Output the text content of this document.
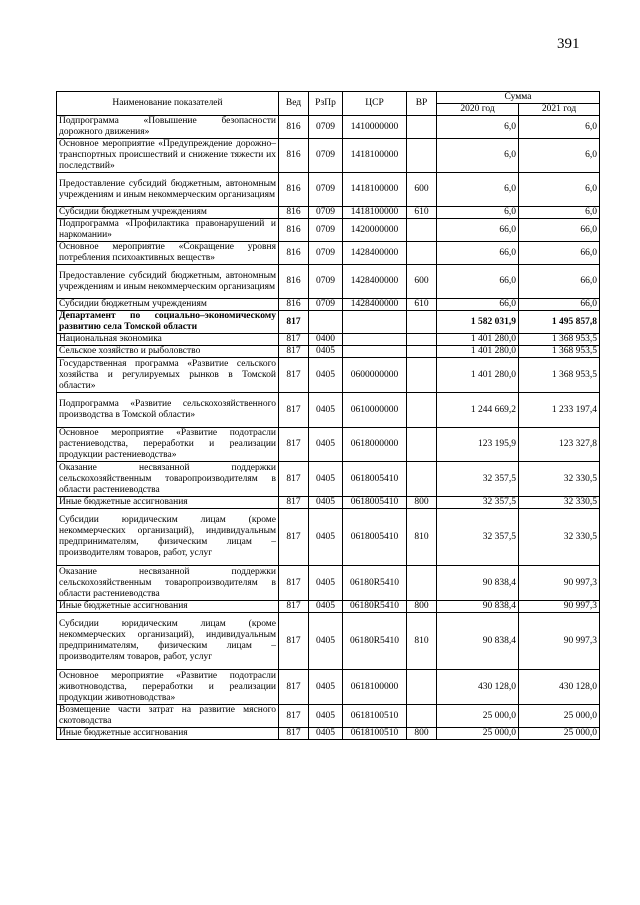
391
Наименование показателей	Вед	РзПр	ЦСР	ВР	Сумма	
					2020 год	2021 год
Подпрограмма «Повышение безопасности дорожного движения»	816	0709	1410000000		6,0	6,0
Основное мероприятие «Предупреждение дорожно–транспортных происшествий и снижение тяжести их последствий»	816	0709	1418100000		6,0	6,0
Предоставление субсидий бюджетным, автономным учреждениям и иным некоммерческим организациям	816	0709	1418100000	600	6,0	6,0
Субсидии бюджетным учреждениям	816	0709	1418100000	610	6,0	6,0
Подпрограмма «Профилактика правонарушений и наркомании»	816	0709	1420000000		66,0	66,0
Основное мероприятие «Сокращение уровня потребления психоактивных веществ»	816	0709	1428400000		66,0	66,0
Предоставление субсидий бюджетным, автономным учреждениям и иным некоммерческим организациям	816	0709	1428400000	600	66,0	66,0
Субсидии бюджетным учреждениям	816	0709	1428400000	610	66,0	66,0
Департамент по социально–экономическому развитию села Томской области	817				1 582 031,9	1 495 857,8
Национальная экономика	817	0400			1 401 280,0	1 368 953,5
Сельское хозяйство и рыболовство	817	0405			1 401 280,0	1 368 953,5
Государственная программа «Развитие сельского хозяйства и регулируемых рынков в Томской области»	817	0405	0600000000		1 401 280,0	1 368 953,5
Подпрограмма «Развитие сельскохозяйственного производства в Томской области»	817	0405	0610000000		1 244 669,2	1 233 197,4
Основное мероприятие «Развитие подотрасли растениеводства, переработки и реализации продукции растениеводства»	817	0405	0618000000		123 195,9	123 327,8
Оказание несвязанной поддержки сельскохозяйственным товаропроизводителям в области растениеводства	817	0405	0618005410		32 357,5	32 330,5
Иные бюджетные ассигнования	817	0405	0618005410	800	32 357,5	32 330,5
Субсидии юридическим лицам (кроме некоммерческих организаций), индивидуальным предпринимателям, физическим лицам – производителям товаров, работ, услуг	817	0405	0618005410	810	32 357,5	32 330,5
Оказание несвязанной поддержки сельскохозяйственным товаропроизводителям в области растениеводства	817	0405	06180R5410		90 838,4	90 997,3
Иные бюджетные ассигнования	817	0405	06180R5410	800	90 838,4	90 997,3
Субсидии юридическим лицам (кроме некоммерческих организаций), индивидуальным предпринимателям, физическим лицам – производителям товаров, работ, услуг	817	0405	06180R5410	810	90 838,4	90 997,3
Основное мероприятие «Развитие подотрасли животноводства, переработки и реализации продукции животноводства»	817	0405	0618100000		430 128,0	430 128,0
Возмещение части затрат на развитие мясного скотоводства	817	0405	0618100510		25 000,0	25 000,0
Иные бюджетные ассигнования	817	0405	0618100510	800	25 000,0	25 000,0
